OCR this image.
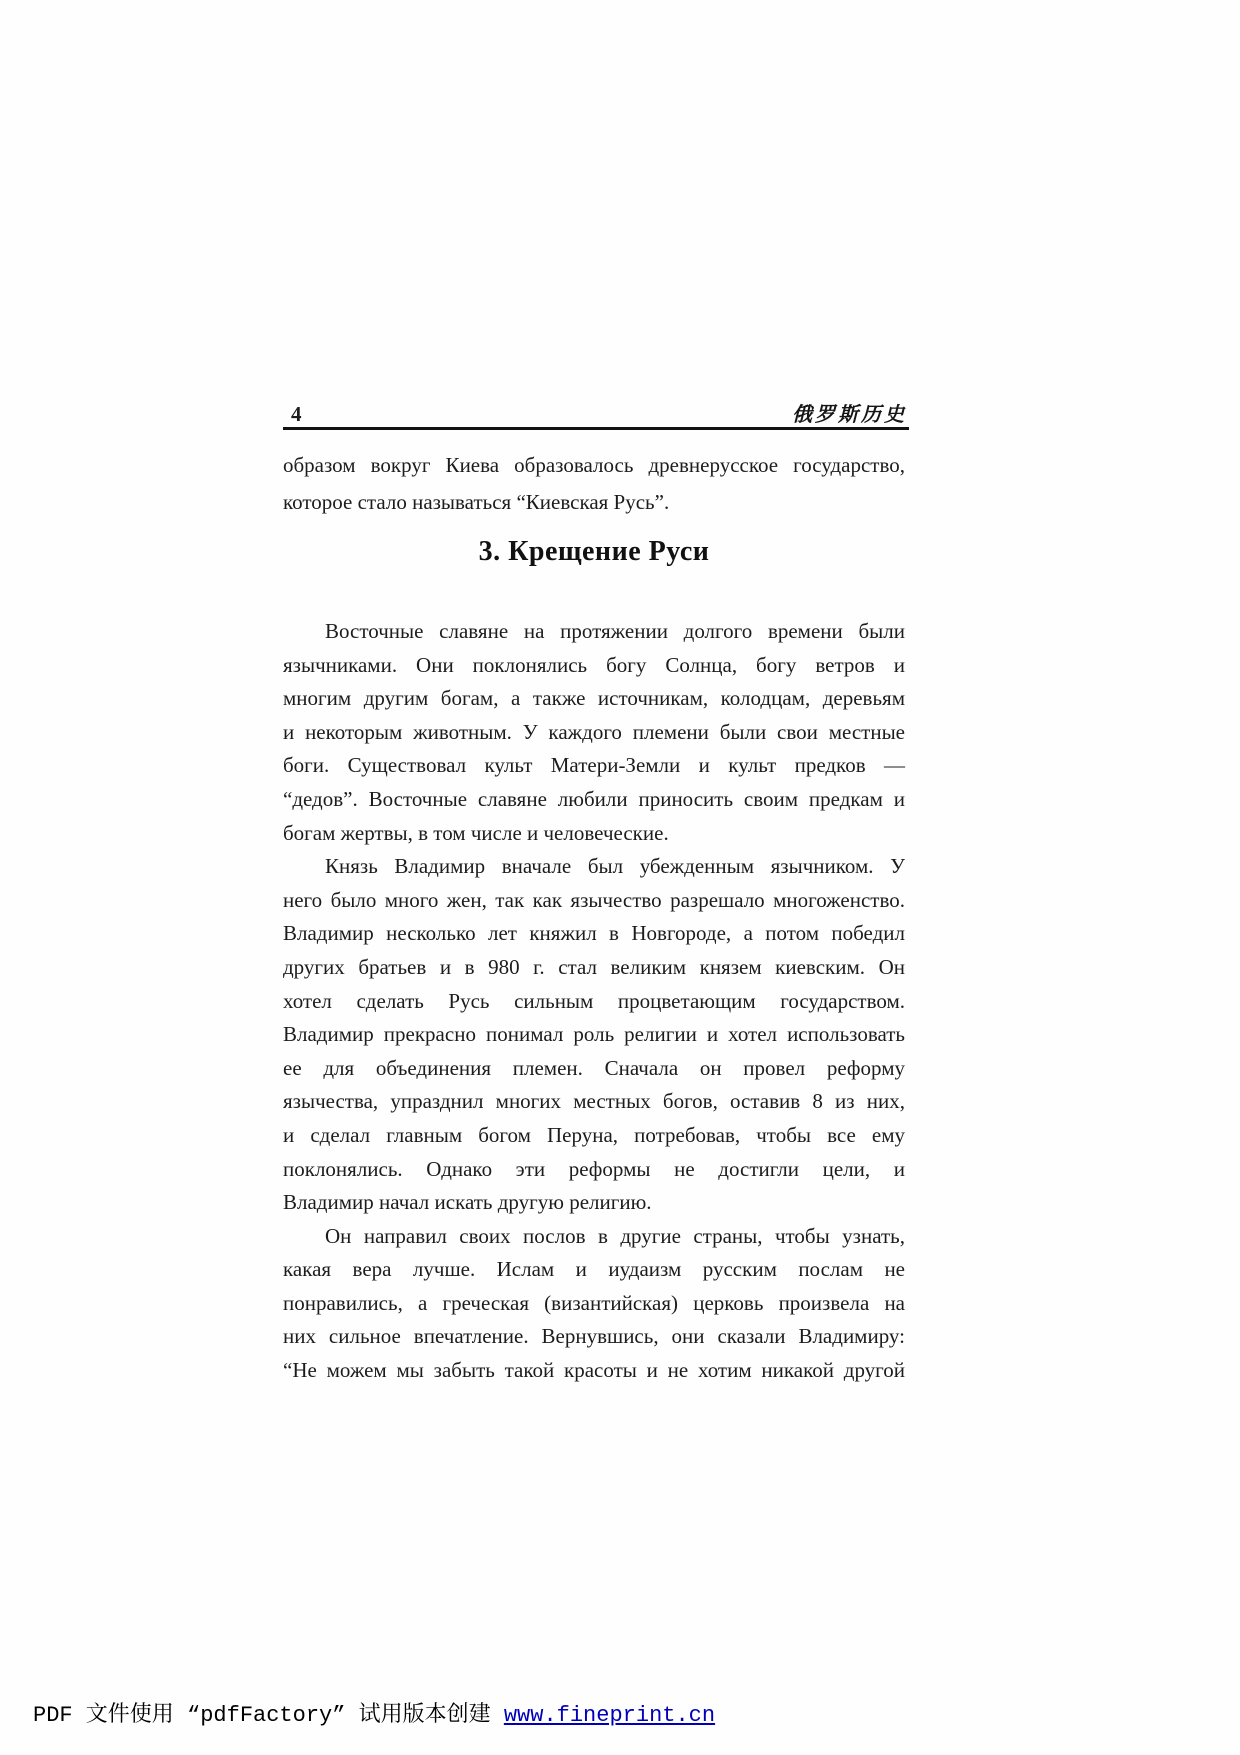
4	俄罗斯历史
образом вокруг Киева образовалось древнерусское государство,
которое стало называться “Киевская Русь”.
3. Крещение Руси
Восточные славяне на протяжении долгого времени были
язычниками. Они поклонялись богу Солнца, богу ветров и
многим другим богам, а также источникам, колодцам, деревьям
и некоторым животным. У каждого племени были свои местные
боги. Существовал культ Матери-Земли и культ предков —
“дедов”. Восточные славяне любили приносить своим предкам и
богам жертвы, в том числе и человеческие.
Князь Владимир вначале был убежденным язычником. У
него было много жен, так как язычество разрешало многоженство.
Владимир несколько лет княжил в Новгороде, а потом победил
других братьев и в 980 г. стал великим князем киевским. Он
хотел сделать Русь сильным процветающим государством.
Владимир прекрасно понимал роль религии и хотел использовать
ее для объединения племен. Сначала он провел реформу
язычества, упразднил многих местных богов, оставив 8 из них,
и сделал главным богом Перуна, потребовав, чтобы все ему
поклонялись. Однако эти реформы не достигли цели, и
Владимир начал искать другую религию.
Он направил своих послов в другие страны, чтобы узнать,
какая вера лучше. Ислам и иудаизм русским послам не
понравились, а греческая (византийская) церковь произвела на
них сильное впечатление. Вернувшись, они сказали Владимиру:
“Не можем мы забыть такой красоты и не хотим никакой другой
PDF 文件使用 “pdfFactory” 试用版本创建 www.fineprint.cn
